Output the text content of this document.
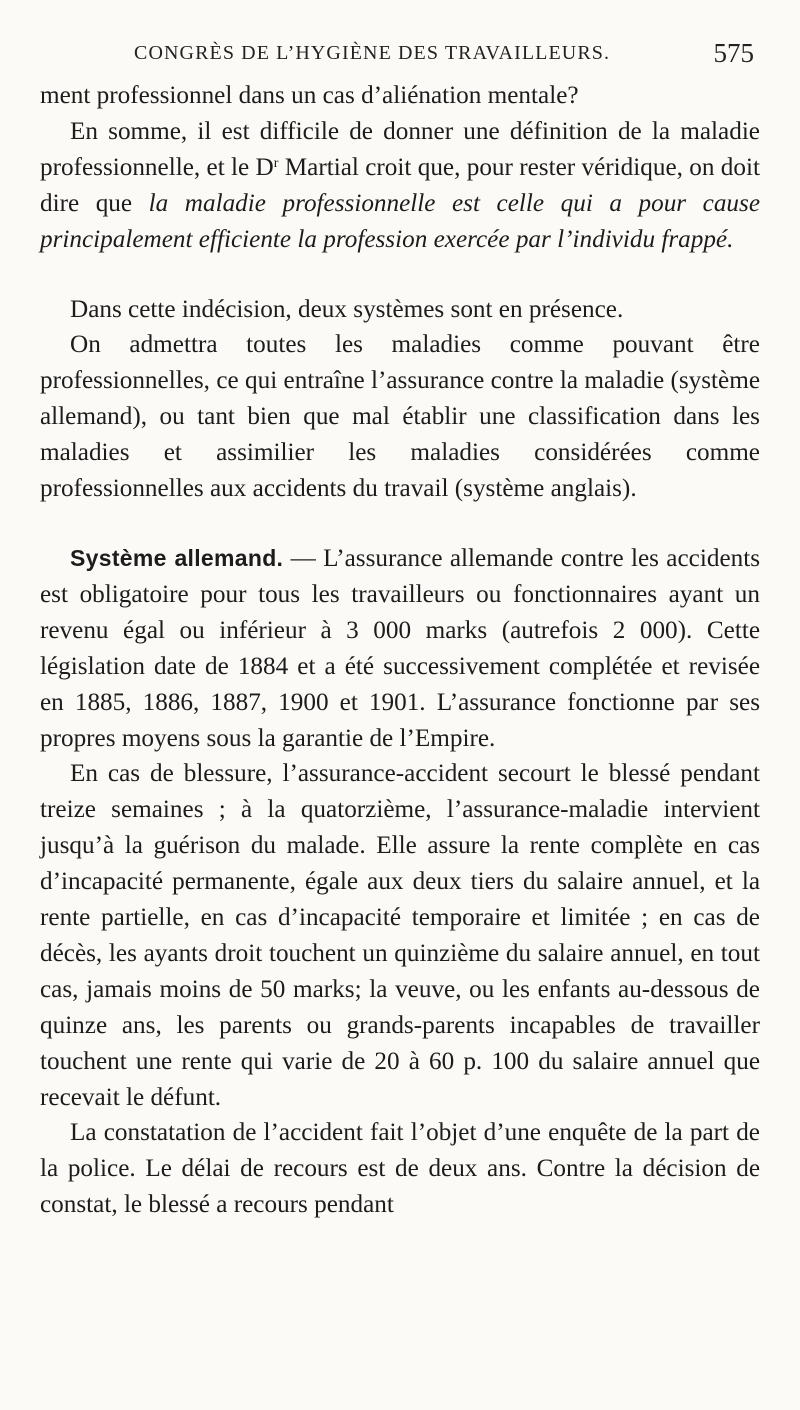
CONGRÈS DE L’HYGIÈNE DES TRAVAILLEURS.	575

ment professionnel dans un cas d’aliénation mentale?

En somme, il est difficile de donner une définition de la maladie professionnelle, et le $D^r$ Martial croit que, pour rester véridique, on doit dire que la maladie professionnelle est celle qui a pour cause principalement efficiente la profession exercée par l’individu frappé.

Dans cette indécision, deux systèmes sont en présence.

On admettra toutes les maladies comme pouvant être professionnelles, ce qui entraîne l’assurance contre la maladie (système allemand), ou tant bien que mal établir une classification dans les maladies et assimilier les maladies considérées comme professionnelles aux accidents du travail (système anglais).

Système allemand. — L’assurance allemande contre les accidents est obligatoire pour tous les travailleurs ou fonctionnaires ayant un revenu égal ou inférieur à 3 000 marks (autrefois 2 000). Cette législation date de 1884 et a été successivement complétée et revisée en 1885, 1886, 1887, 1900 et 1901. L’assurance fonctionne par ses propres moyens sous la garantie de l’Empire.

En cas de blessure, l’assurance-accident secourt le blessé pendant treize semaines ; à la quatorzième, l’assurance-maladie intervient jusqu’à la guérison du malade. Elle assure la rente complète en cas d’incapacité permanente, égale aux deux tiers du salaire annuel, et la rente partielle, en cas d’incapacité temporaire et limitée ; en cas de décès, les ayants droit touchent un quinzième du salaire annuel, en tout cas, jamais moins de 50 marks; la veuve, ou les enfants au-dessous de quinze ans, les parents ou grands-parents incapables de travailler touchent une rente qui varie de 20 à 60 p. 100 du salaire annuel que recevait le défunt.

La constatation de l’accident fait l’objet d’une enquête de la part de la police. Le délai de recours est de deux ans. Contre la décision de constat, le blessé a recours pendant
